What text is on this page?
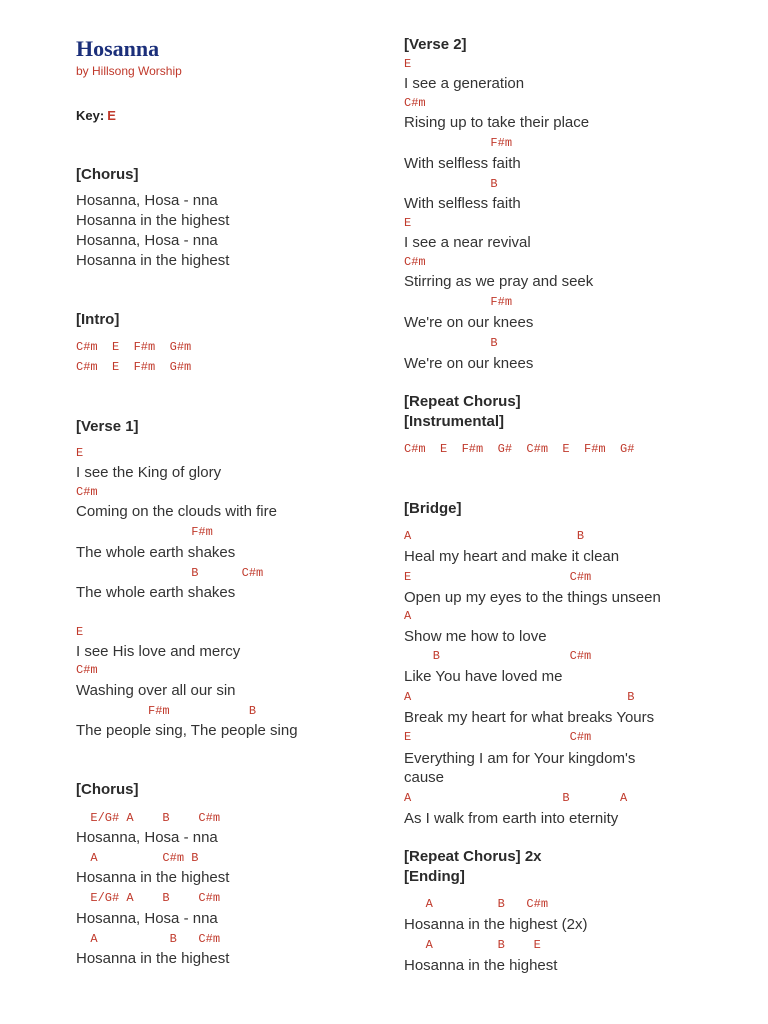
Hosanna
by Hillsong Worship
Key: E
[Chorus]
Hosanna, Hosa - nna
Hosanna in the highest
Hosanna, Hosa - nna
Hosanna in the highest
[Intro]
C#m  E  F#m  G#m
C#m  E  F#m  G#m
[Verse 1]
E
I see the King of glory
C#m
Coming on the clouds with fire
F#m
The whole earth shakes
B      C#m
The whole earth shakes
E
I see His love and mercy
C#m
Washing over all our sin
F#m           B
The people sing, The people sing
[Chorus]
E/G# A    B    C#m
Hosanna, Hosa - nna
A         C#m B
Hosanna in the highest
E/G# A    B    C#m
Hosanna, Hosa - nna
A          B   C#m
Hosanna in the highest
[Verse 2]
E
I see a generation
C#m
Rising up to take their place
F#m
With selfless faith
B
With selfless faith
E
I see a near revival
C#m
Stirring as we pray and seek
F#m
We're on our knees
B
We're on our knees
[Repeat Chorus]
[Instrumental]
C#m  E  F#m  G#  C#m  E  F#m  G#
[Bridge]
A                       B
Heal my heart and make it clean
E                      C#m
Open up my eyes to the things unseen
A
Show me how to love
B                  C#m
Like You have loved me
A                              B
Break my heart for what breaks Yours
E                      C#m
Everything I am for Your kingdom's
cause
A                     B       A
As I walk from earth into eternity
[Repeat Chorus] 2x
[Ending]
A         B   C#m
Hosanna in the highest (2x)
A         B    E
Hosanna in the highest
